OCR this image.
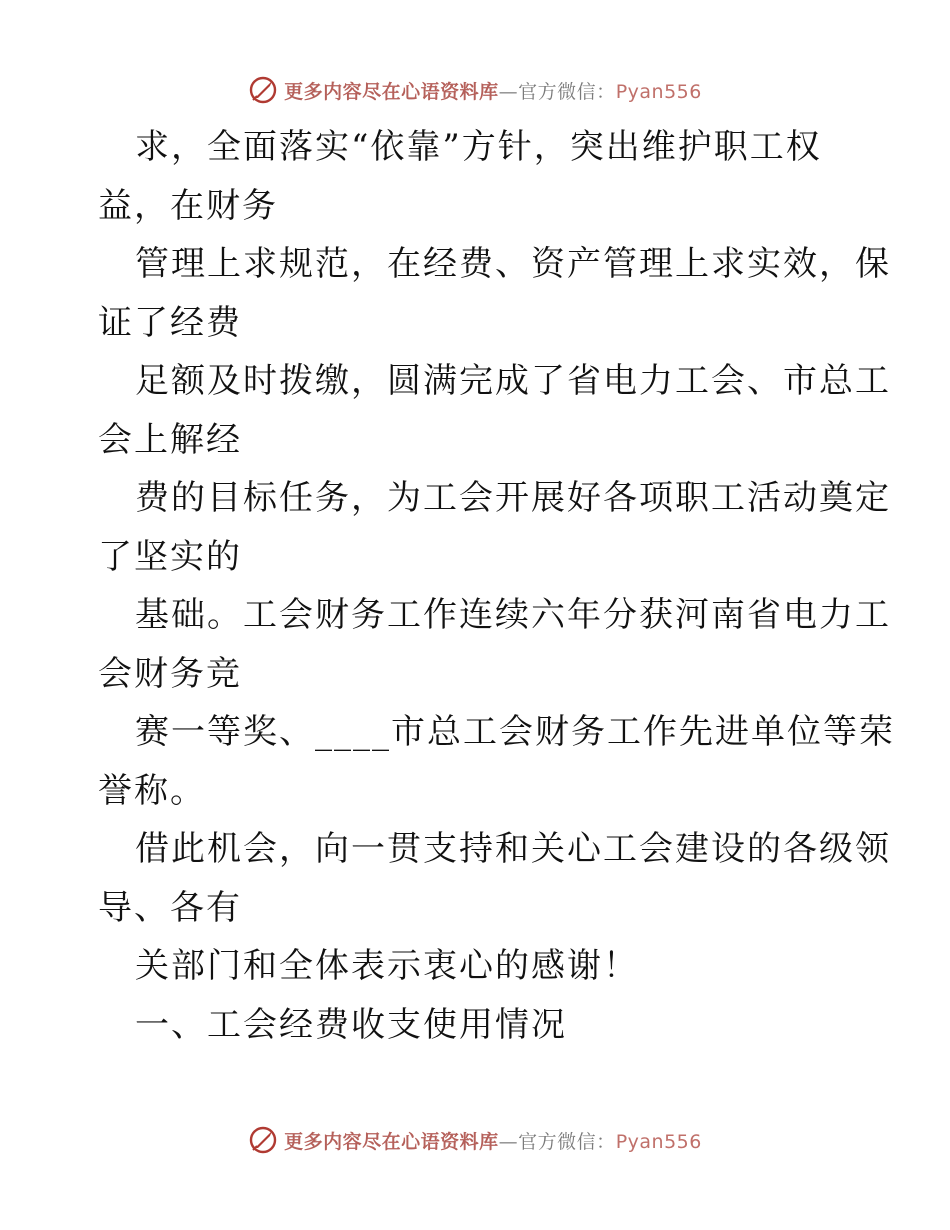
更多内容尽在心语资料库—官方微信：Pyan556
求，全面落实“依靠”方针，突出维护职工权
益，在财务
管理上求规范，在经费、资产管理上求实效，保
证了经费
足额及时拨缴，圆满完成了省电力工会、市总工
会上解经
费的目标任务，为工会开展好各项职工活动奠定
了坚实的
基础。工会财务工作连续六年分获河南省电力工
会财务竞
赛一等奖、____市总工会财务工作先进单位等荣
誉称。
借此机会，向一贯支持和关心工会建设的各级领
导、各有
关部门和全体表示衷心的感谢！
一、工会经费收支使用情况
更多内容尽在心语资料库—官方微信：Pyan556
